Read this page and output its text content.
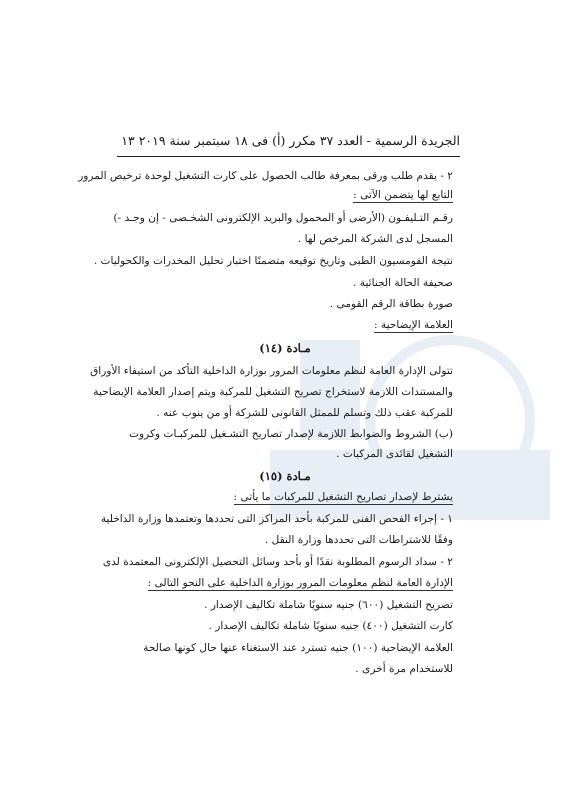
الجريدة الرسمية - العدد ٣٧ مكرر (أ) فى ١٨ سبتمبر سنة ٢٠١٩ ١٣
٢ - يقدم طلب ورقى بمعرفة طالب الحصول على كارت التشغيل لوحدة ترخيص المرور
التابع لها يتضمن الآتى :
رقـم التـليفـون (الأرضى أو المحمول والبريد الإلكترونى الشخـصى - إن وجـد -)
المسجل لدى الشركة المرخص لها .
نتيجة الفومسيون الطبى وتاريخ توقيعه متضمنًا اختبار تحليل المخدرات والكحوليات .
صحيفة الحالة الجنائية .
صورة بطاقة الرقم القومى .
العلامة الإيضاحية :
مـادة (١٤)
تتولى الإدارة العامة لنظم معلومات المرور بوزارة الداخلية التأكد من استيفاء الأوراق
والمستندات اللازمة لاستخراج تصريح التشغيل للمركبة ويتم إصدار العلامة الإيضاحية
للمركبة عقب ذلك وتسلم للممثل القانونى للشركة أو من ينوب عنه .
(ب) الشروط والضوابط اللازمة لإصدار تصاريح التشـغيل للمركبـات وكروت
التشغيل لقائدى المركبات .
مـادة (١٥)
يشترط لإصدار تصاريح التشغيل للمركبات ما يأتى :
١ - إجراء الفحص الفنى للمركبة بأحد المراكز التى تحددها وتعتمدها وزارة الداخلية
وفقًا للاشتراطات التى تحددها وزارة النقل .
٢ - سداد الرسوم المطلوبة نقدًا أو بأحد وسائل التحصيل الإلكترونى المعتمدة لدى
الإدارة العامة لنظم معلومات المرور بوزارة الداخلية على النحو التالى :
تصريح التشغيل (٦٠٠) جنيه سنويًا شاملة تكاليف الإصدار .
كارت التشغيل (٤٠٠) جنيه سنويًا شاملة تكاليف الإصدار .
العلامة الإيضاحية (١٠٠) جنيه تسترد عند الاستغناء عنها حال كونها صالحة
للاستخدام مرة أخرى .
